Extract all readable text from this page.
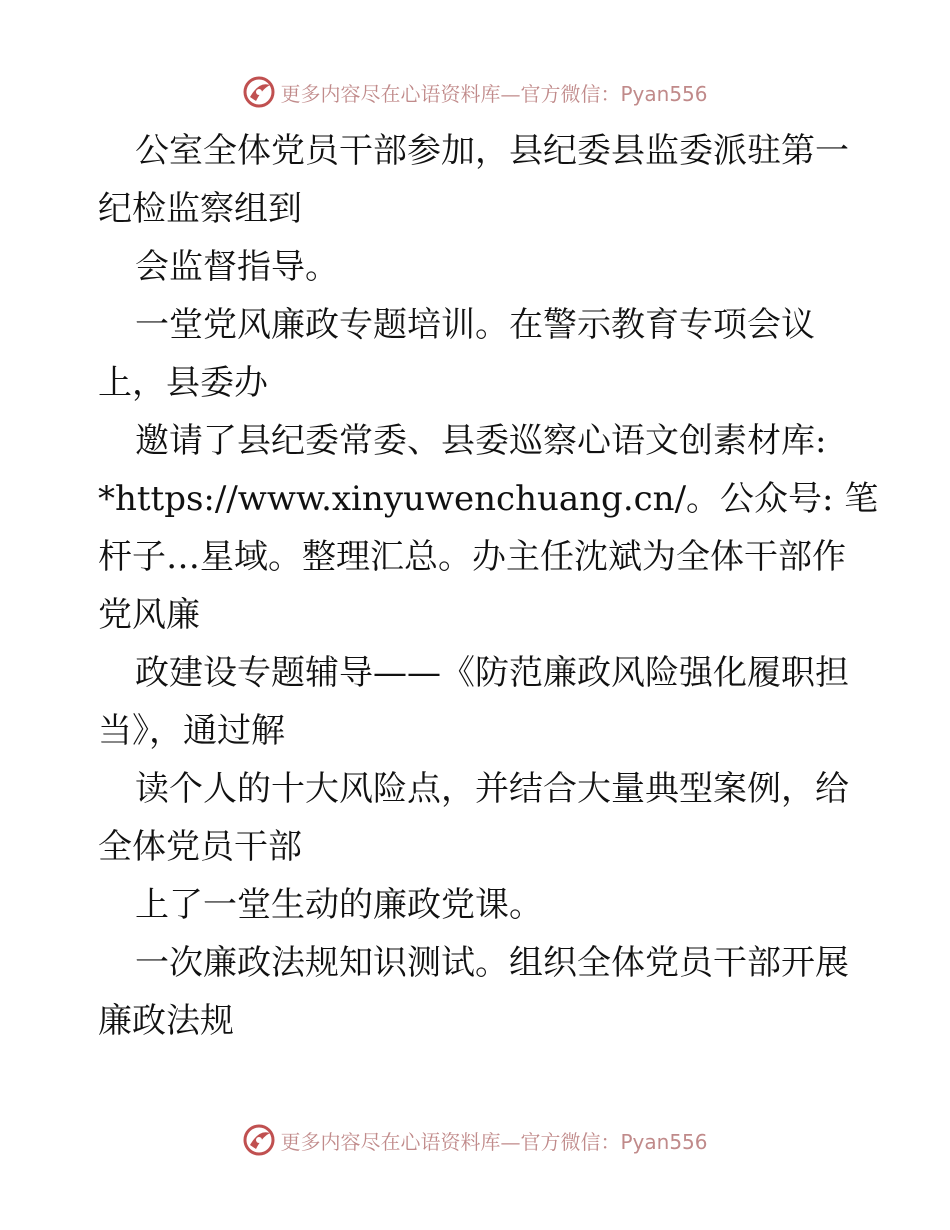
更多内容尽在心语资料库—官方微信：Pyan556
公室全体党员干部参加，县纪委县监委派驻第一
纪检监察组到
会监督指导。
一堂党风廉政专题培训。在警示教育专项会议
上，县委办
邀请了县纪委常委、县委巡察心语文创素材库:
*https://www.xinyuwenchuang.cn/。公众号: 笔
杆子…星域。整理汇总。办主任沈斌为全体干部作
党风廉
政建设专题辅导——《防范廉政风险强化履职担
当》，通过解
读个人的十大风险点，并结合大量典型案例，给
全体党员干部
上了一堂生动的廉政党课。
一次廉政法规知识测试。组织全体党员干部开展
廉政法规
更多内容尽在心语资料库—官方微信：Pyan556
